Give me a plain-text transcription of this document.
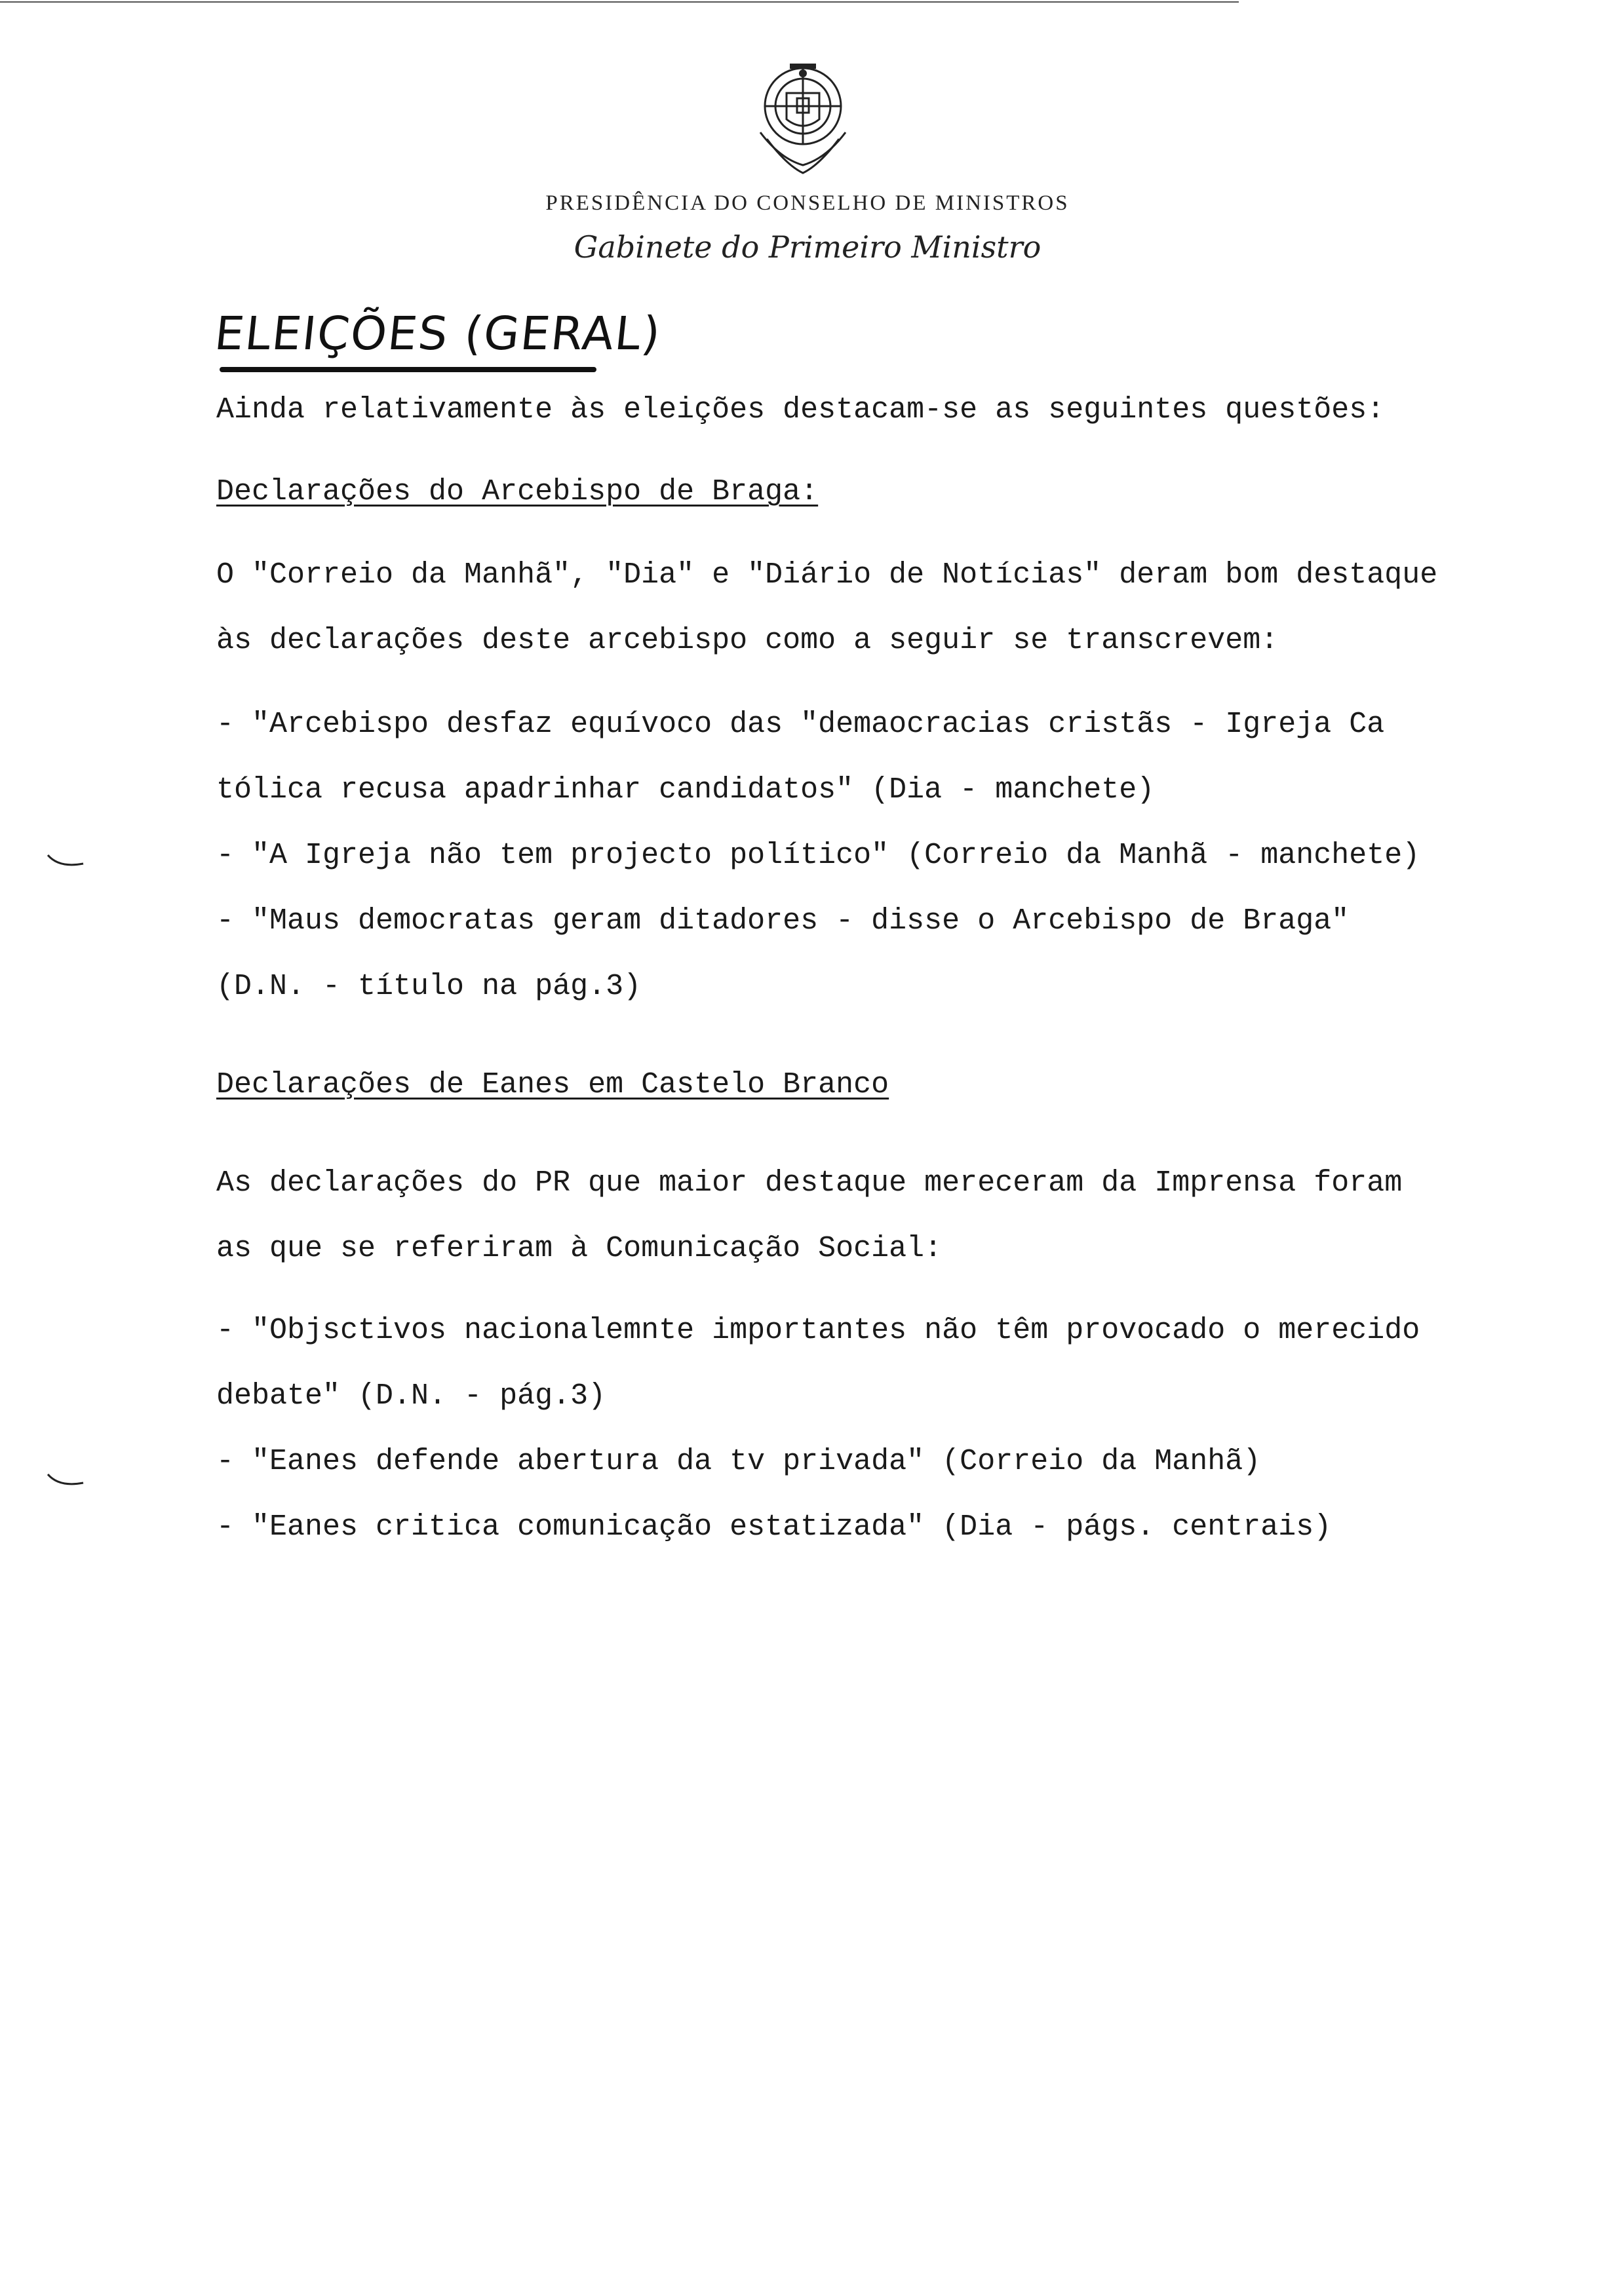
PRESIDÊNCIA DO CONSELHO DE MINISTROS
Gabinete do Primeiro Ministro
ELEIÇÕES (GERAL)
Ainda relativamente às eleições destacam-se as seguintes questões:
Declarações do Arcebispo de Braga:
O "Correio da Manhã", "Dia" e "Diário de Notícias" deram bom destaque
às declarações deste arcebispo como a seguir se transcrevem:
- "Arcebispo desfaz equívoco das "demaocracias cristãs - Igreja Ca
tólica recusa apadrinhar candidatos" (Dia - manchete)
- "A Igreja não tem projecto político" (Correio da Manhã - manchete)
- "Maus democratas geram ditadores - disse o Arcebispo de Braga"
(D.N. - título na pág.3)
Declarações de Eanes em Castelo Branco
As declarações do PR que maior destaque mereceram da Imprensa foram
as que se referiram à Comunicação Social:
- "Objsctivos nacionalemnte importantes não têm provocado o merecido
debate" (D.N. - pág.3)
- "Eanes defende abertura da tv privada" (Correio da Manhã)
- "Eanes critica comunicação estatizada" (Dia - págs. centrais)
